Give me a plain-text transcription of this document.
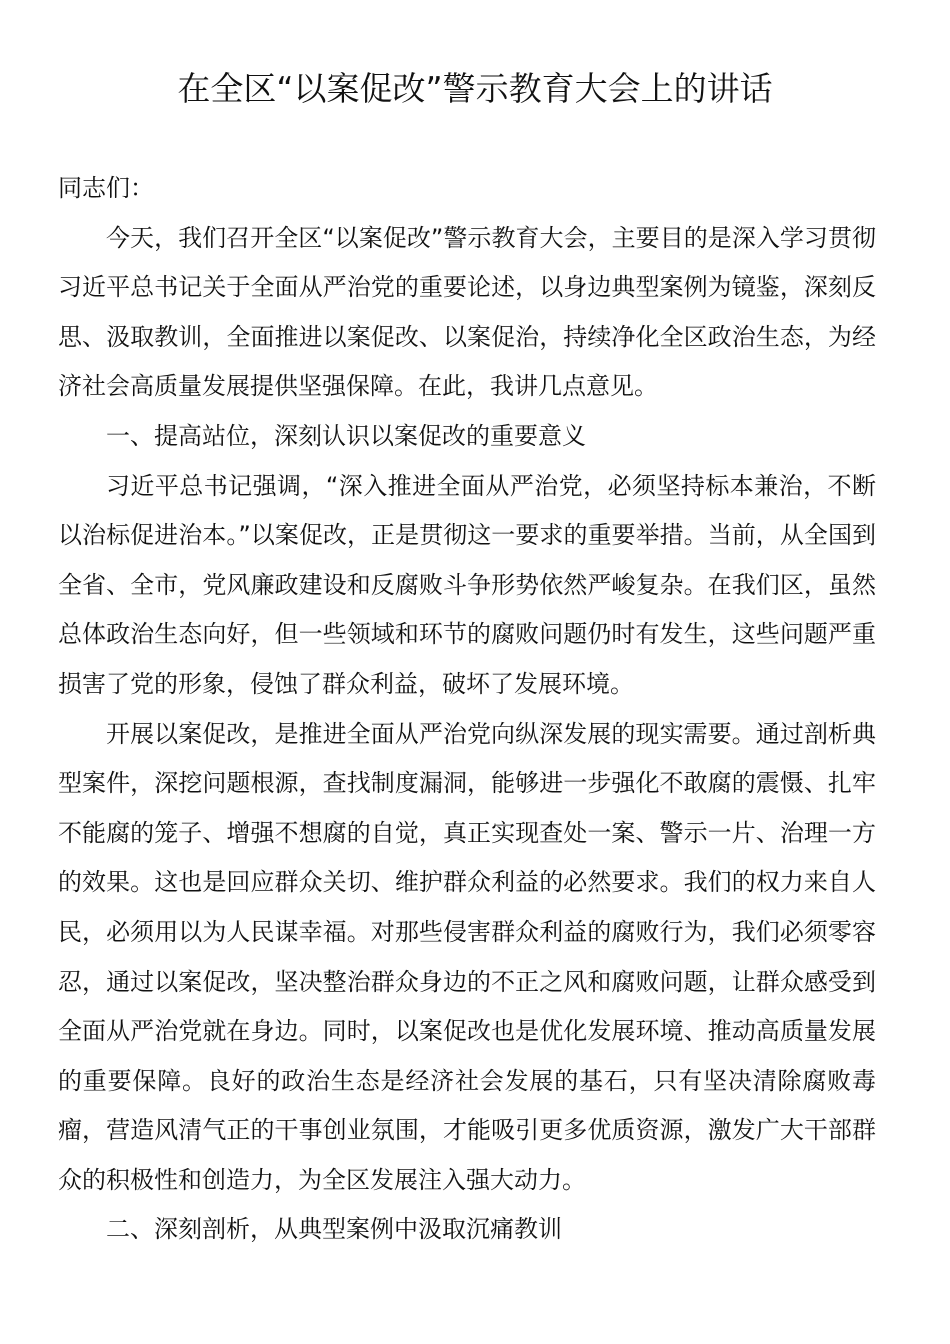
在全区“以案促改”警示教育大会上的讲话

同志们：

今天，我们召开全区“以案促改”警示教育大会，主要目的是深入学习贯彻习近平总书记关于全面从严治党的重要论述，以身边典型案例为镜鉴，深刻反思、汲取教训，全面推进以案促改、以案促治，持续净化全区政治生态，为经济社会高质量发展提供坚强保障。在此，我讲几点意见。

一、提高站位，深刻认识以案促改的重要意义

习近平总书记强调，“深入推进全面从严治党，必须坚持标本兼治，不断以治标促进治本。”以案促改，正是贯彻这一要求的重要举措。当前，从全国到全省、全市，党风廉政建设和反腐败斗争形势依然严峻复杂。在我们区，虽然总体政治生态向好，但一些领域和环节的腐败问题仍时有发生，这些问题严重损害了党的形象，侵蚀了群众利益，破坏了发展环境。

开展以案促改，是推进全面从严治党向纵深发展的现实需要。通过剖析典型案件，深挖问题根源，查找制度漏洞，能够进一步强化不敢腐的震慑、扎牢不能腐的笼子、增强不想腐的自觉，真正实现查处一案、警示一片、治理一方的效果。这也是回应群众关切、维护群众利益的必然要求。我们的权力来自人民，必须用以为人民谋幸福。对那些侵害群众利益的腐败行为，我们必须零容忍，通过以案促改，坚决整治群众身边的不正之风和腐败问题，让群众感受到全面从严治党就在身边。同时，以案促改也是优化发展环境、推动高质量发展的重要保障。良好的政治生态是经济社会发展的基石，只有坚决清除腐败毒瘤，营造风清气正的干事创业氛围，才能吸引更多优质资源，激发广大干部群众的积极性和创造力，为全区发展注入强大动力。

二、深刻剖析，从典型案例中汲取沉痛教训
